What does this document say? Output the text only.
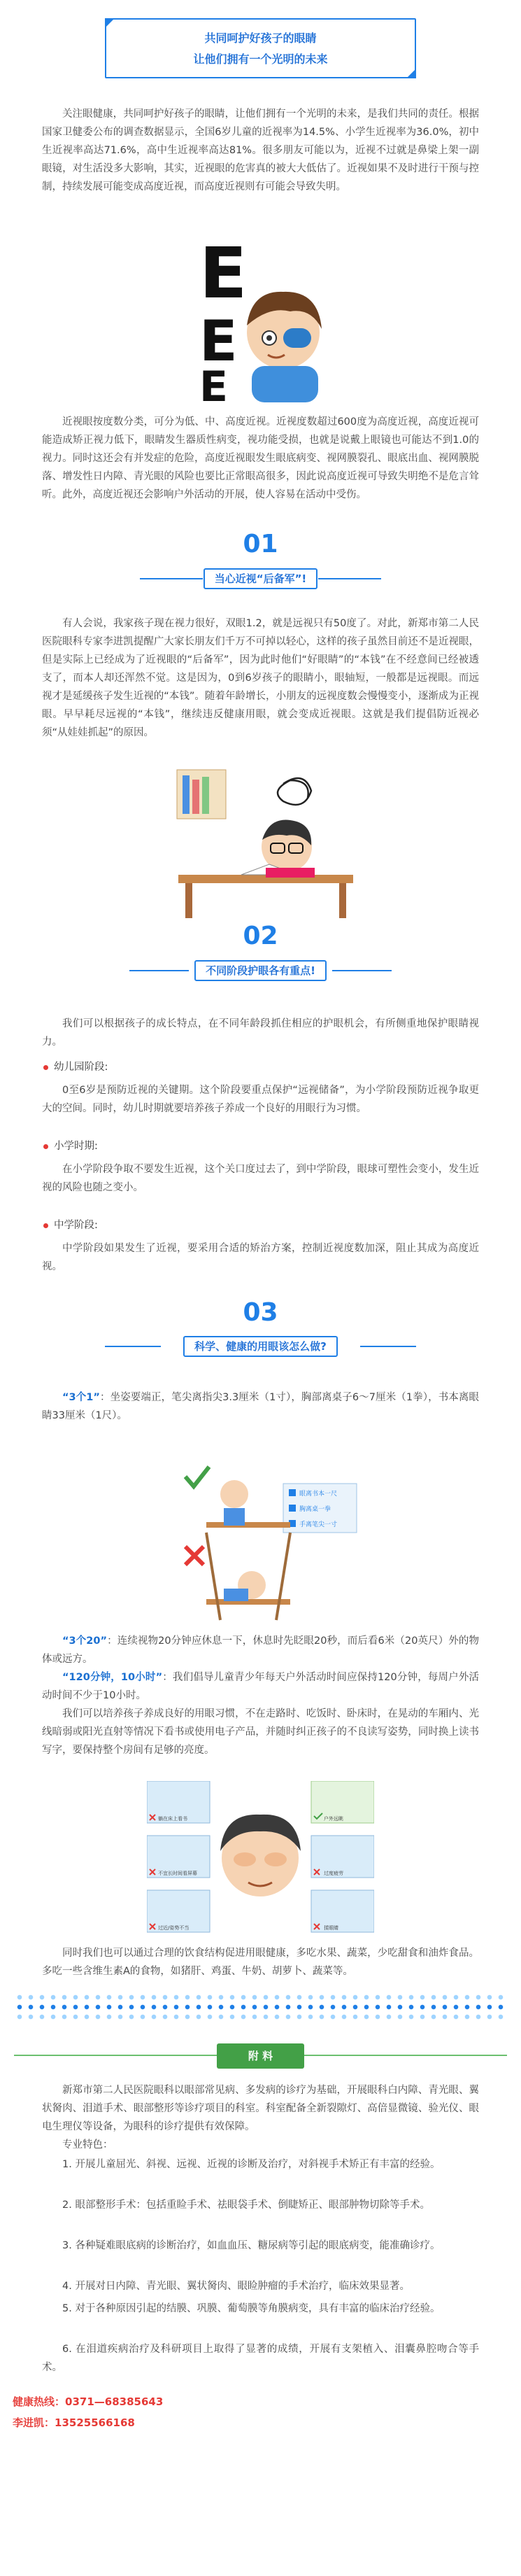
共同呵护好孩子的眼睛
让他们拥有一个光明的未来
关注眼健康，共同呵护好孩子的眼睛，让他们拥有一个光明的未来，是我们共同的责任。根据国家卫健委公布的调查数据显示，全国6岁儿童的近视率为14.5%、小学生近视率为36.0%，初中生近视率高达71.6%，高中生近视率高达81%。很多朋友可能以为，近视不过就是鼻梁上架一副眼镜，对生活没多大影响，其实，近视眼的危害真的被大大低估了。近视如果不及时进行干预与控制，持续发展可能变成高度近视，而高度近视则有可能会导致失明。
E
E
E
近视眼按度数分类，可分为低、中、高度近视。近视度数超过600度为高度近视，高度近视可能造成矫正视力低下，眼睛发生器质性病变，视功能受损，也就是说戴上眼镜也可能达不到1.0的视力。同时这还会有并发症的危险，高度近视眼发生眼底病变、视网膜裂孔、眼底出血、视网膜脱落、增发性日内障、青光眼的风险也要比正常眼高很多，因此说高度近视可导致失明绝不是危言耸听。此外，高度近视还会影响户外活动的开展，使人容易在活动中受伤。
01
当心近视“后备军”!
有人会说，我家孩子现在视力很好，双眼1.2，就是远视只有50度了。对此，新郑市第二人民医院眼科专家李进凯提醒广大家长朋友们千万不可掉以轻心，这样的孩子虽然目前还不是近视眼，但是实际上已经成为了近视眼的“后备军”，因为此时他们“好眼睛”的“本钱”在不经意间已经被透支了，而本人却还浑然不觉。这是因为，0到6岁孩子的眼睛小，眼轴短，一般都是远视眼。而远视才是延缓孩子发生近视的“本钱”。随着年龄增长，小朋友的远视度数会慢慢变小，逐渐成为正视眼。早早耗尽远视的“本钱”，继续违反健康用眼，就会变成近视眼。这就是我们提倡防近视必须“从娃娃抓起”的原因。
02
不同阶段护眼各有重点!
我们可以根据孩子的成长特点，在不同年龄段抓住相应的护眼机会，有所侧重地保护眼睛视力。
幼儿园阶段:
0至6岁是预防近视的关键期。这个阶段要重点保护“远视储备”，为小学阶段预防近视争取更大的空间。同时，幼儿时期就要培养孩子养成一个良好的用眼行为习惯。
小学时期:
在小学阶段争取不要发生近视，这个关口度过去了，到中学阶段，眼球可塑性会变小，发生近视的风险也随之变小。
中学阶段:
中学阶段如果发生了近视，要采用合适的矫治方案，控制近视度数加深，阻止其成为高度近视。
03
科学、健康的用眼该怎么做?
“3个1”：坐姿要端正，笔尖离指尖3.3厘米（1寸），胸部离桌子6～7厘米（1拳），书本离眼睛33厘米（1尺）。
眼离书本一尺
胸离桌一拳
手离笔尖一寸
“3个20”：连续视物20分钟应休息一下，休息时先眨眼20秒，而后看6米（20英尺）外的物体或远方。
“120分钟，10小时”：我们倡导儿童青少年每天户外活动时间应保持120分钟，每周户外活动时间不少于10小时。
我们可以培养孩子养成良好的用眼习惯，不在走路时、吃饭时、卧床时，在晃动的车厢内、光线暗弱或阳光直射等情况下看书或使用电子产品，并随时纠正孩子的不良读写姿势，同时换上读书写字，要保持整个房间有足够的亮度。
躺在床上看书
不宜长时间看屏幕
过近/姿势不当
户外远眺
过度疲劳
揉眼睛
同时我们也可以通过合理的饮食结构促进用眼健康，多吃水果、蔬菜，少吃甜食和油炸食品。多吃一些含维生素A的食物，如猪肝、鸡蛋、牛奶、胡萝卜、蔬菜等。
附 料
新郑市第二人民医院眼科以眼部常见病、多发病的诊疗为基础，开展眼科白内障、青光眼、翼状胬肉、泪道手术、眼部整形等诊疗项目的科室。科室配备全新裂隙灯、高倍显微镜、验光仪、眼电生理仪等设备，为眼科的诊疗提供有效保障。
专业特色：
1. 开展儿童屈光、斜视、远视、近视的诊断及治疗，对斜视手术矫正有丰富的经验。
2. 眼部整形手术：包括重睑手术、祛眼袋手术、倒睫矫正、眼部肿物切除等手术。
3. 各种疑难眼底病的诊断治疗，如血血压、糖尿病等引起的眼底病变，能准确诊疗。
4. 开展对日内障、青光眼、翼状胬肉、眼睑肿瘤的手术治疗，临床效果显著。
5. 对于各种原因引起的结膜、巩膜、葡萄膜等角膜病变，具有丰富的临床治疗经验。
6. 在泪道疾病治疗及科研项目上取得了显著的成绩，开展有支架植入、泪囊鼻腔吻合等手术。
健康热线：0371—68385643
李进凯：13525566168
